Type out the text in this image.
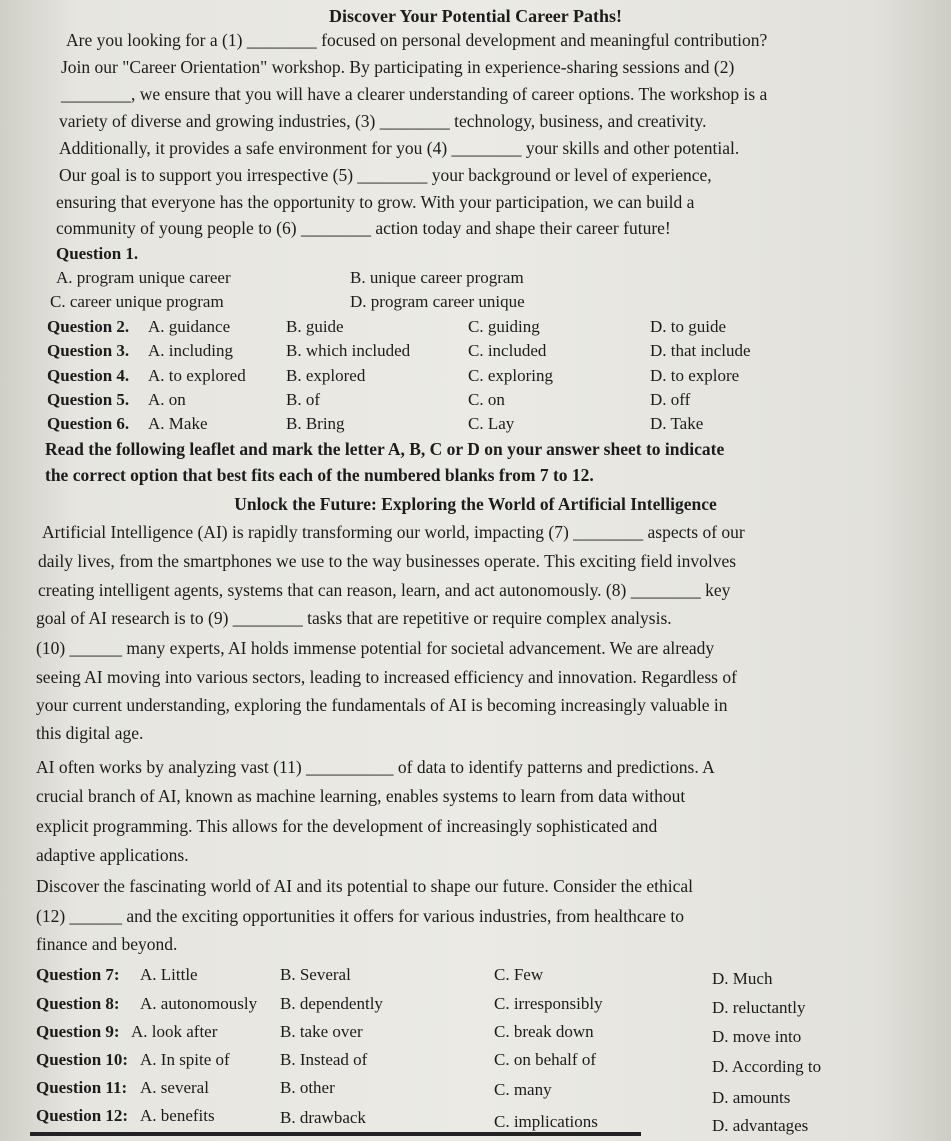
Discover Your Potential Career Paths!
Are you looking for a (1) ________ focused on personal development and meaningful contribution?
Join our "Career Orientation" workshop. By participating in experience-sharing sessions and (2)
________, we ensure that you will have a clearer understanding of career options. The workshop is a
variety of diverse and growing industries, (3) ________ technology, business, and creativity.
Additionally, it provides a safe environment for you (4) ________ your skills and other potential.
Our goal is to support you irrespective (5) ________ your background or level of experience,
ensuring that everyone has the opportunity to grow. With your participation, we can build a
community of young people to (6) ________ action today and shape their career future!
Question 1.
A. program unique career	B. unique career program
C. career unique program	D. program career unique
Question 2. A. guidance	B. guide	C. guiding	D. to guide
Question 3. A. including	B. which included	C. included	D. that include
Question 4. A. to explored B. explored	C. exploring	D. to explore
Question 5. A. on	B. of	C. on	D. off
Question 6. A. Make	B. Bring	C. Lay	D. Take
Read the following leaflet and mark the letter A, B, C or D on your answer sheet to indicate
the correct option that best fits each of the numbered blanks from 7 to 12.
Unlock the Future: Exploring the World of Artificial Intelligence
Artificial Intelligence (AI) is rapidly transforming our world, impacting (7) ________ aspects of our
daily lives, from the smartphones we use to the way businesses operate. This exciting field involves
creating intelligent agents, systems that can reason, learn, and act autonomously. (8) ________ key
goal of AI research is to (9) ________ tasks that are repetitive or require complex analysis.
(10) ______ many experts, AI holds immense potential for societal advancement. We are already
seeing AI moving into various sectors, leading to increased efficiency and innovation. Regardless of
your current understanding, exploring the fundamentals of AI is becoming increasingly valuable in
this digital age.
AI often works by analyzing vast (11) __________ of data to identify patterns and predictions. A
crucial branch of AI, known as machine learning, enables systems to learn from data without
explicit programming. This allows for the development of increasingly sophisticated and
adaptive applications.
Discover the fascinating world of AI and its potential to shape our future. Consider the ethical
(12) ______ and the exciting opportunities it offers for various industries, from healthcare to
finance and beyond.
Question 7: A. Little	B. Several	C. Few	D. Much
Question 8: A. autonomously B. dependently	C. irresponsibly	D. reluctantly
Question 9: A. look after	B. take over	C. break down	D. move into
Question 10: A. In spite of	B. Instead of	C. on behalf of	D. According to
Question 11: A. several	B. other	C. many	D. amounts
Question 12: A. benefits	B. drawback	C. implications	D. advantages
